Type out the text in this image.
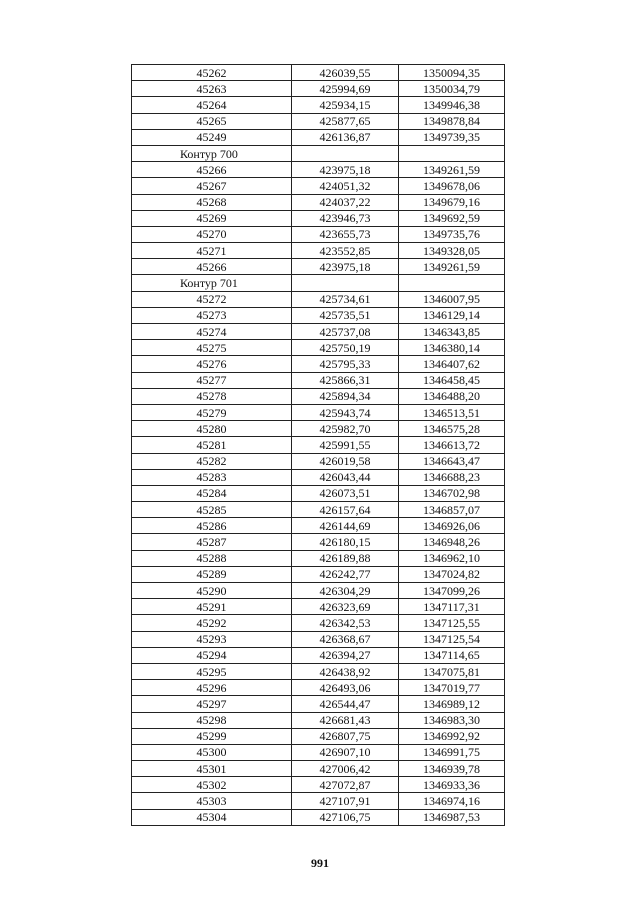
45262	426039,55	1350094,35
45263	425994,69	1350034,79
45264	425934,15	1349946,38
45265	425877,65	1349878,84
45249	426136,87	1349739,35
Контур 700		
45266	423975,18	1349261,59
45267	424051,32	1349678,06
45268	424037,22	1349679,16
45269	423946,73	1349692,59
45270	423655,73	1349735,76
45271	423552,85	1349328,05
45266	423975,18	1349261,59
Контур 701		
45272	425734,61	1346007,95
45273	425735,51	1346129,14
45274	425737,08	1346343,85
45275	425750,19	1346380,14
45276	425795,33	1346407,62
45277	425866,31	1346458,45
45278	425894,34	1346488,20
45279	425943,74	1346513,51
45280	425982,70	1346575,28
45281	425991,55	1346613,72
45282	426019,58	1346643,47
45283	426043,44	1346688,23
45284	426073,51	1346702,98
45285	426157,64	1346857,07
45286	426144,69	1346926,06
45287	426180,15	1346948,26
45288	426189,88	1346962,10
45289	426242,77	1347024,82
45290	426304,29	1347099,26
45291	426323,69	1347117,31
45292	426342,53	1347125,55
45293	426368,67	1347125,54
45294	426394,27	1347114,65
45295	426438,92	1347075,81
45296	426493,06	1347019,77
45297	426544,47	1346989,12
45298	426681,43	1346983,30
45299	426807,75	1346992,92
45300	426907,10	1346991,75
45301	427006,42	1346939,78
45302	427072,87	1346933,36
45303	427107,91	1346974,16
45304	427106,75	1346987,53
991
